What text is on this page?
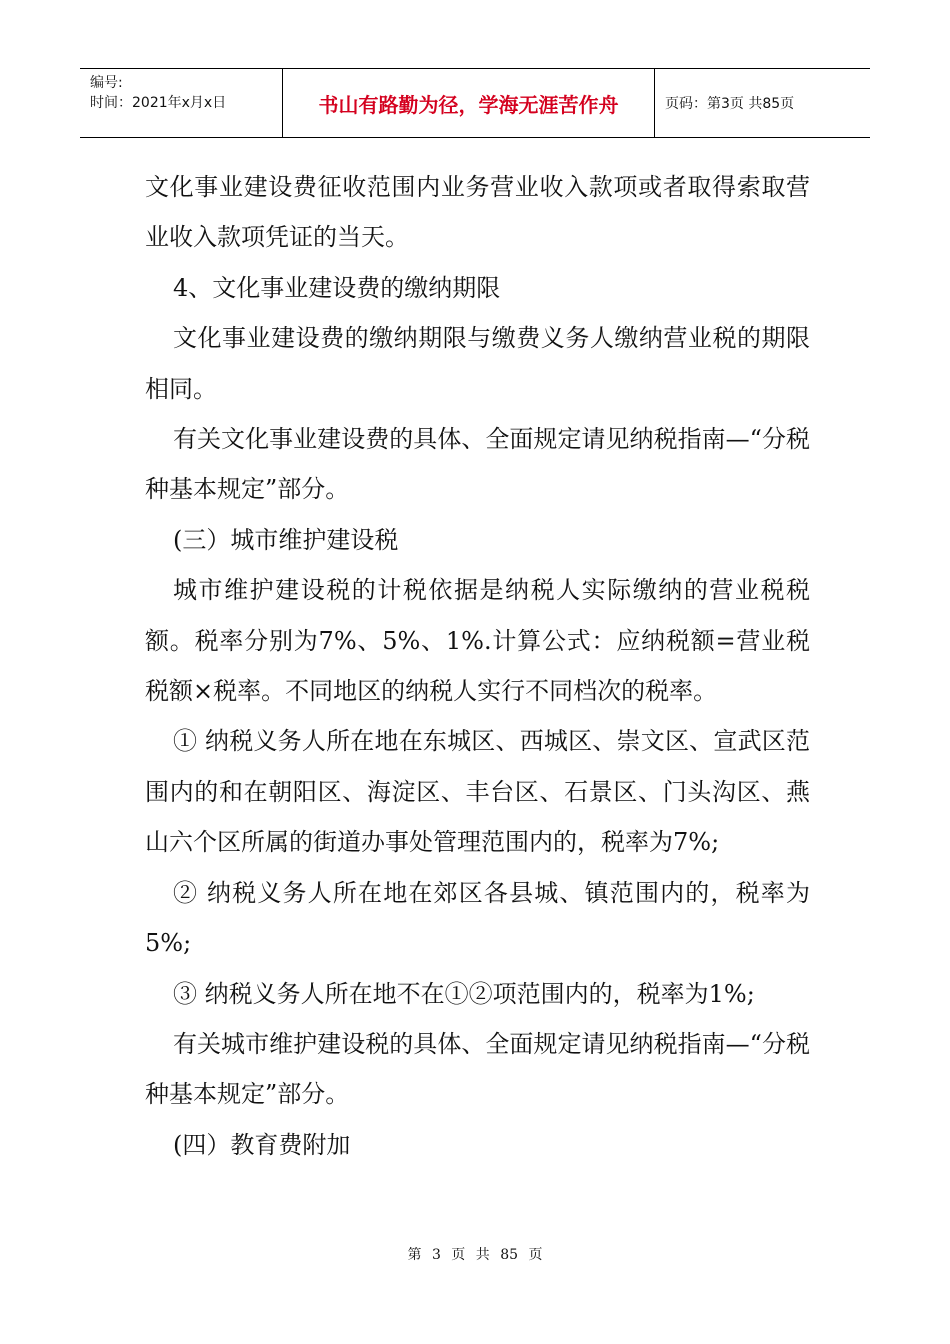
编号:
时间：2021年x月x日	书山有路勤为径，学海无涯苦作舟	页码：第3页 共85页

文化事业建设费征收范围内业务营业收入款项或者取得索取营业收入款项凭证的当天。

4、文化事业建设费的缴纳期限

文化事业建设费的缴纳期限与缴费义务人缴纳营业税的期限相同。

有关文化事业建设费的具体、全面规定请见纳税指南—“分税种基本规定”部分。

(三）城市维护建设税

城市维护建设税的计税依据是纳税人实际缴纳的营业税税额。税率分别为7%、5%、1%.计算公式：应纳税额=营业税税额×税率。不同地区的纳税人实行不同档次的税率。

① 纳税义务人所在地在东城区、西城区、崇文区、宣武区范围内的和在朝阳区、海淀区、丰台区、石景区、门头沟区、燕山六个区所属的街道办事处管理范围内的，税率为7%;

② 纳税义务人所在地在郊区各县城、镇范围内的，税率为5%;

③ 纳税义务人所在地不在①②项范围内的，税率为1%;

有关城市维护建设税的具体、全面规定请见纳税指南—“分税种基本规定”部分。

(四）教育费附加

第 3 页 共 85 页
